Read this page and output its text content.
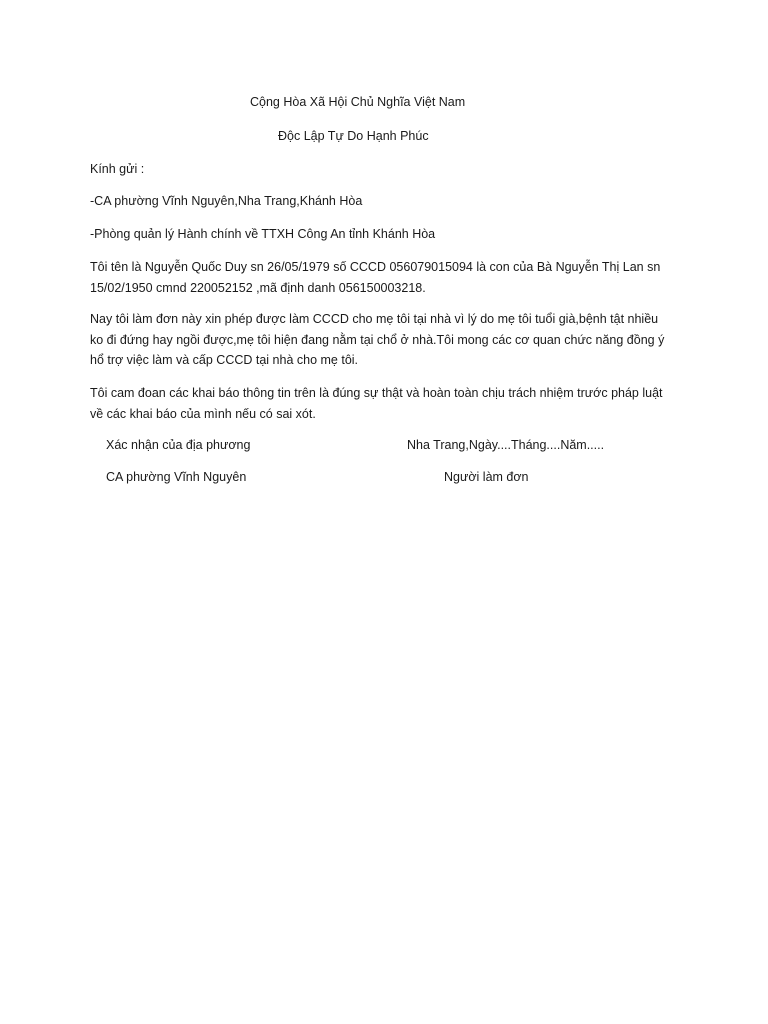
Cộng Hòa Xã Hội Chủ Nghĩa Việt Nam
Độc Lập Tự Do Hạnh Phúc
Kính gửi :
-CA phường Vĩnh Nguyên,Nha Trang,Khánh Hòa
-Phòng quản lý Hành chính về TTXH Công An tỉnh Khánh Hòa
Tôi tên là Nguyễn Quốc Duy sn 26/05/1979 số CCCD 056079015094 là con của Bà Nguyễn Thị Lan sn
15/02/1950 cmnd 220052152 ,mã định danh 056150003218.
Nay tôi làm đơn này xin phép được làm CCCD cho mẹ tôi tại nhà vì lý do mẹ tôi tuổi già,bệnh tật nhiều
ko đi đứng hay ngồi được,mẹ tôi hiện đang nằm tại chổ ở nhà.Tôi mong các cơ quan chức năng đồng ý
hổ trợ việc làm và cấp CCCD tại nhà cho mẹ tôi.
Tôi cam đoan các khai báo thông tin trên là đúng sự thật và hoàn toàn chịu trách nhiệm trước pháp luật
về các khai báo của mình nếu có sai xót.
Xác nhận của địa phương	Nha Trang,Ngày....Tháng....Năm.....
CA phường Vĩnh Nguyên	Người làm đơn
